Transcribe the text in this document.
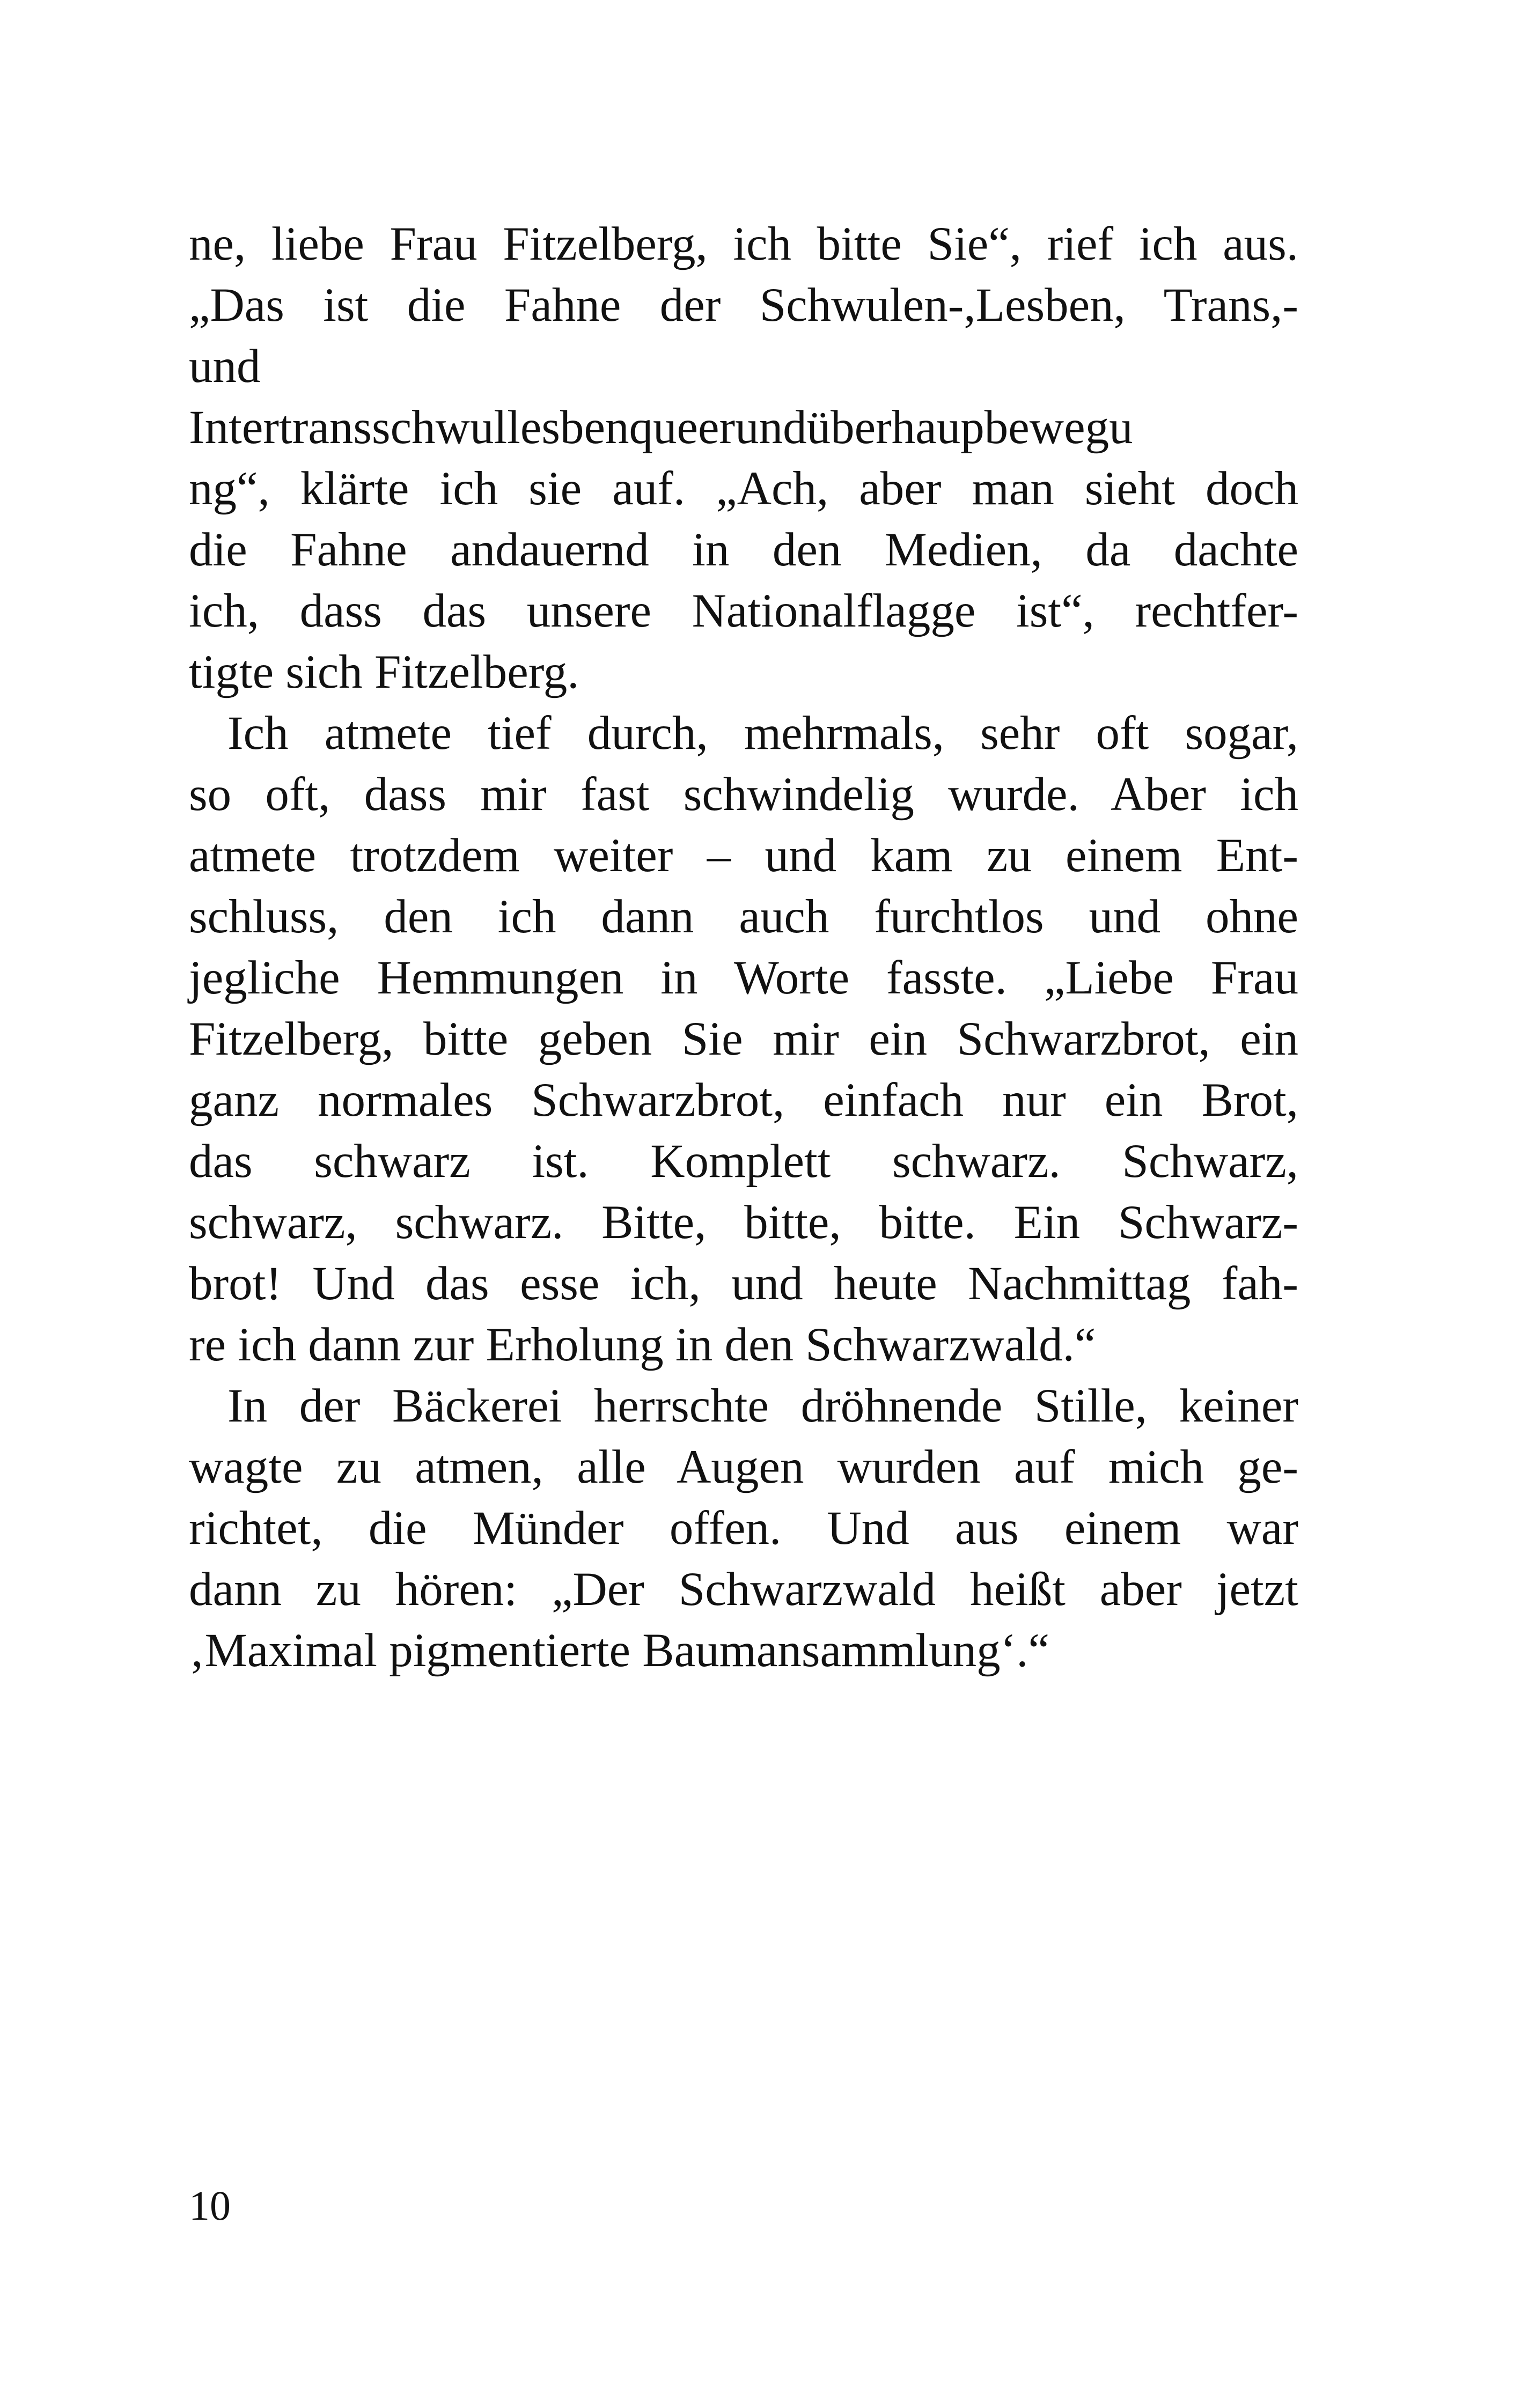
ne, liebe Frau Fitzelberg, ich bitte Sie“, rief ich aus.
„Das ist die Fahne der Schwulen-,Lesben, Trans,-
und
Intertransschwullesbenqueerundüberhaupbewegu
ng“, klärte ich sie auf. „Ach, aber man sieht doch
die Fahne andauernd in den Medien, da dachte
ich, dass das unsere Nationalflagge ist“, rechtfer-
tigte sich Fitzelberg.
Ich atmete tief durch, mehrmals, sehr oft sogar,
so oft, dass mir fast schwindelig wurde. Aber ich
atmete trotzdem weiter – und kam zu einem Ent-
schluss, den ich dann auch furchtlos und ohne
jegliche Hemmungen in Worte fasste. „Liebe Frau
Fitzelberg, bitte geben Sie mir ein Schwarzbrot, ein
ganz normales Schwarzbrot, einfach nur ein Brot,
das schwarz ist. Komplett schwarz. Schwarz,
schwarz, schwarz. Bitte, bitte, bitte. Ein Schwarz-
brot! Und das esse ich, und heute Nachmittag fah-
re ich dann zur Erholung in den Schwarzwald.“
In der Bäckerei herrschte dröhnende Stille, keiner
wagte zu atmen, alle Augen wurden auf mich ge-
richtet, die Münder offen. Und aus einem war
dann zu hören: „Der Schwarzwald heißt aber jetzt
‚Maximal pigmentierte Baumansammlung‘.“
10
